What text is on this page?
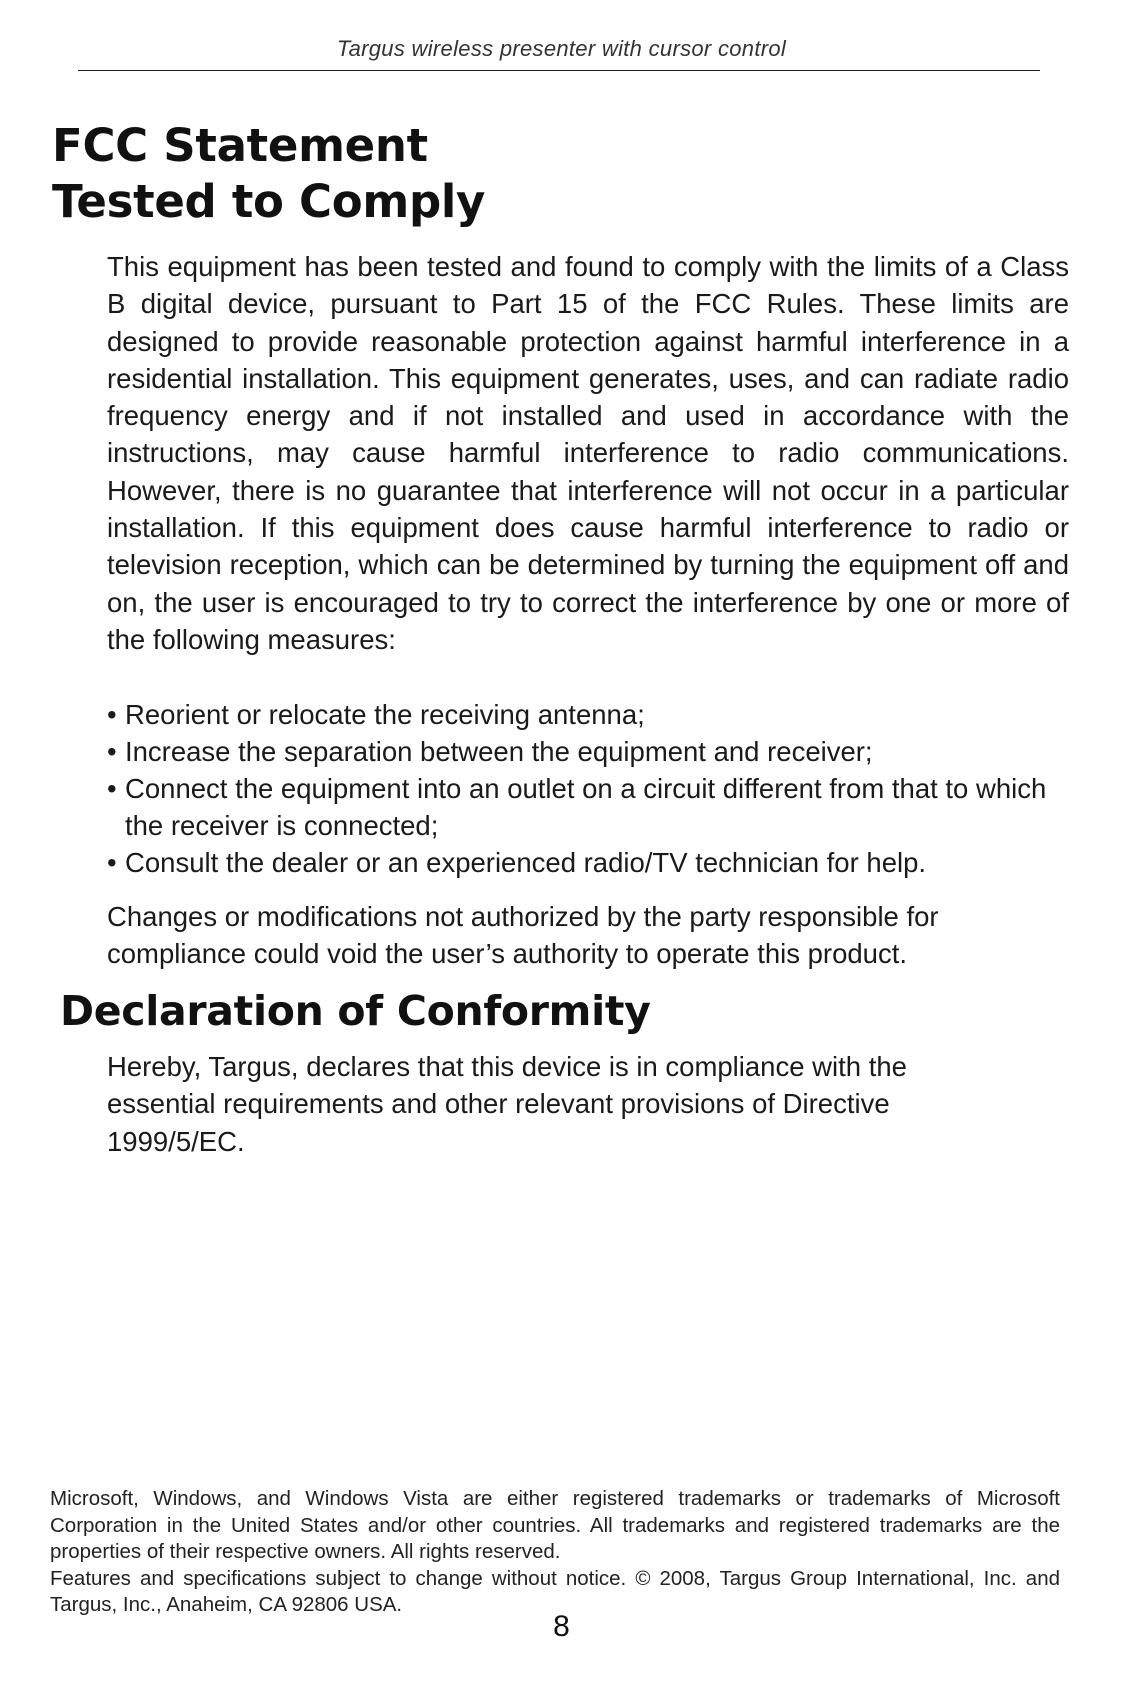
Targus wireless presenter with cursor control
FCC Statement
Tested to Comply

This equipment has been tested and found to comply with the limits of a Class B digital device, pursuant to Part 15 of the FCC Rules. These limits are designed to provide reasonable protection against harmful interference in a residential installation. This equipment generates, uses, and can radiate radio frequency energy and if not installed and used in accordance with the instructions, may cause harmful interference to radio communications. However, there is no guarantee that interference will not occur in a particular installation. If this equipment does cause harmful interference to radio or television reception, which can be determined by turning the equipment off and on, the user is encouraged to try to correct the interference by one or more of the following measures:

• Reorient or relocate the receiving antenna;
• Increase the separation between the equipment and receiver;
• Connect the equipment into an outlet on a circuit different from that to which the receiver is connected;
• Consult the dealer or an experienced radio/TV technician for help.

Changes or modifications not authorized by the party responsible for compliance could void the user’s authority to operate this product.

Declaration of Conformity

Hereby, Targus, declares that this device is in compliance with the essential requirements and other relevant provisions of Directive 1999/5/EC.

Microsoft, Windows, and Windows Vista are either registered trademarks or trademarks of Microsoft Corporation in the United States and/or other countries. All trademarks and registered trademarks are the properties of their respective owners. All rights reserved.

Features and specifications subject to change without notice. © 2008, Targus Group International, Inc. and Targus, Inc., Anaheim, CA 92806 USA.

8
